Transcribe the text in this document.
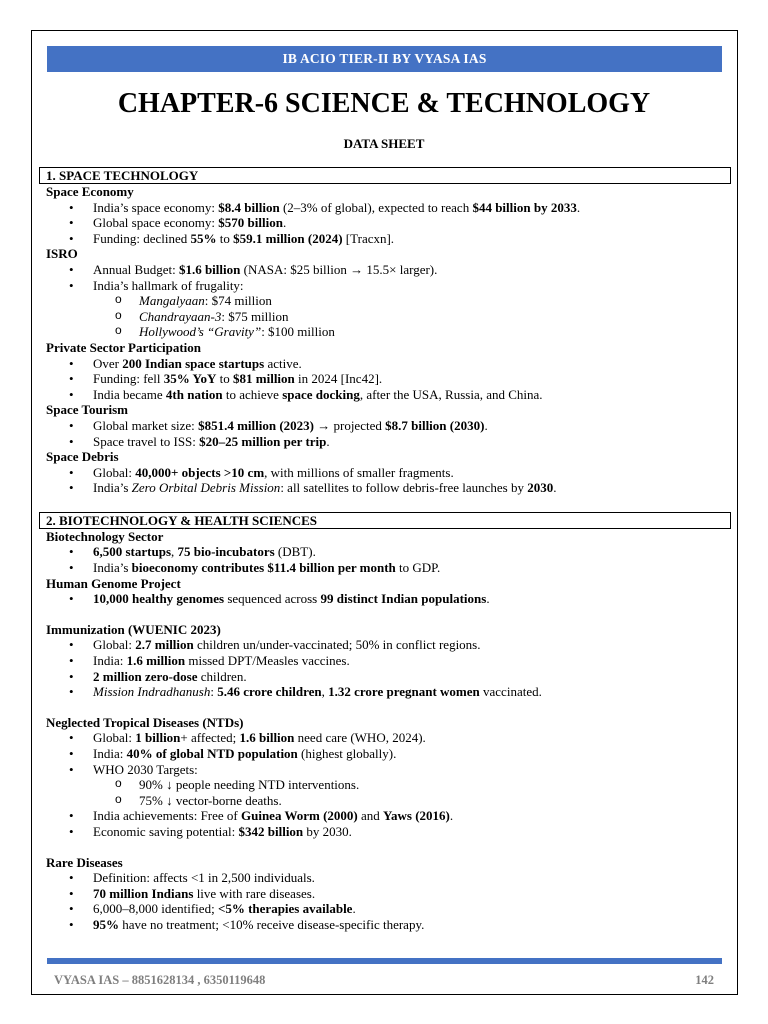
IB ACIO TIER-II BY VYASA IAS
CHAPTER-6 SCIENCE & TECHNOLOGY
DATA SHEET
1. SPACE TECHNOLOGY
Space Economy
• India’s space economy: $8.4 billion (2–3% of global), expected to reach $44 billion by 2033.
• Global space economy: $570 billion.
• Funding: declined 55% to $59.1 million (2024) [Tracxn].
ISRO
• Annual Budget: $1.6 billion (NASA: $25 billion → 15.5× larger).
• India’s hallmark of frugality:
o Mangalyaan: $74 million
o Chandrayaan-3: $75 million
o Hollywood’s “Gravity”: $100 million
Private Sector Participation
• Over 200 Indian space startups active.
• Funding: fell 35% YoY to $81 million in 2024 [Inc42].
• India became 4th nation to achieve space docking, after the USA, Russia, and China.
Space Tourism
• Global market size: $851.4 million (2023) → projected $8.7 billion (2030).
• Space travel to ISS: $20–25 million per trip.
Space Debris
• Global: 40,000+ objects >10 cm, with millions of smaller fragments.
• India’s Zero Orbital Debris Mission: all satellites to follow debris-free launches by 2030.
2. BIOTECHNOLOGY & HEALTH SCIENCES
Biotechnology Sector
• 6,500 startups, 75 bio-incubators (DBT).
• India’s bioeconomy contributes $11.4 billion per month to GDP.
Human Genome Project
• 10,000 healthy genomes sequenced across 99 distinct Indian populations.
Immunization (WUENIC 2023)
• Global: 2.7 million children un/under-vaccinated; 50% in conflict regions.
• India: 1.6 million missed DPT/Measles vaccines.
• 2 million zero-dose children.
• Mission Indradhanush: 5.46 crore children, 1.32 crore pregnant women vaccinated.
Neglected Tropical Diseases (NTDs)
• Global: 1 billion+ affected; 1.6 billion need care (WHO, 2024).
• India: 40% of global NTD population (highest globally).
• WHO 2030 Targets:
o 90% ↓ people needing NTD interventions.
o 75% ↓ vector-borne deaths.
• India achievements: Free of Guinea Worm (2000) and Yaws (2016).
• Economic saving potential: $342 billion by 2030.
Rare Diseases
• Definition: affects <1 in 2,500 individuals.
• 70 million Indians live with rare diseases.
• 6,000–8,000 identified; <5% therapies available.
• 95% have no treatment; <10% receive disease-specific therapy.
VYASA IAS – 8851628134 , 6350119648	142
